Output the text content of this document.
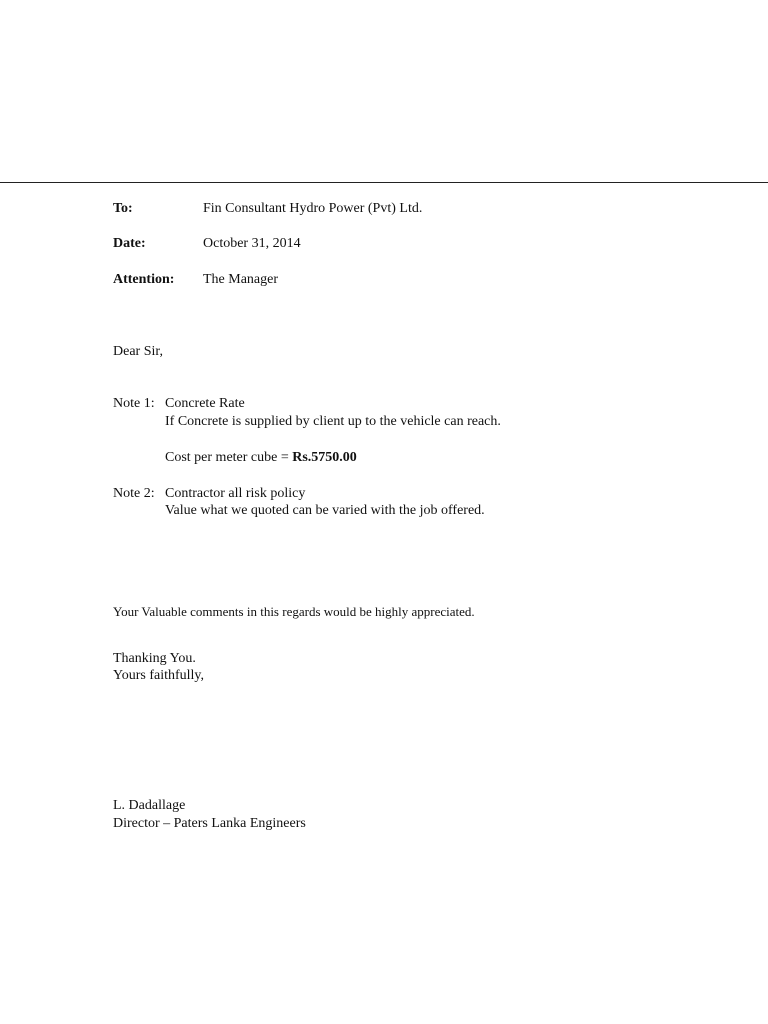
To:	Fin Consultant Hydro Power (Pvt) Ltd.
Date:	October 31, 2014
Attention: The Manager
Dear Sir,
Note 1: Concrete Rate
If Concrete is supplied by client up to the vehicle can reach.
Cost per meter cube = Rs.5750.00
Note 2: Contractor all risk policy
Value what we quoted can be varied with the job offered.
Your Valuable comments in this regards would be highly appreciated.
Thanking You.
Yours faithfully,
L. Dadallage
Director – Paters Lanka Engineers
